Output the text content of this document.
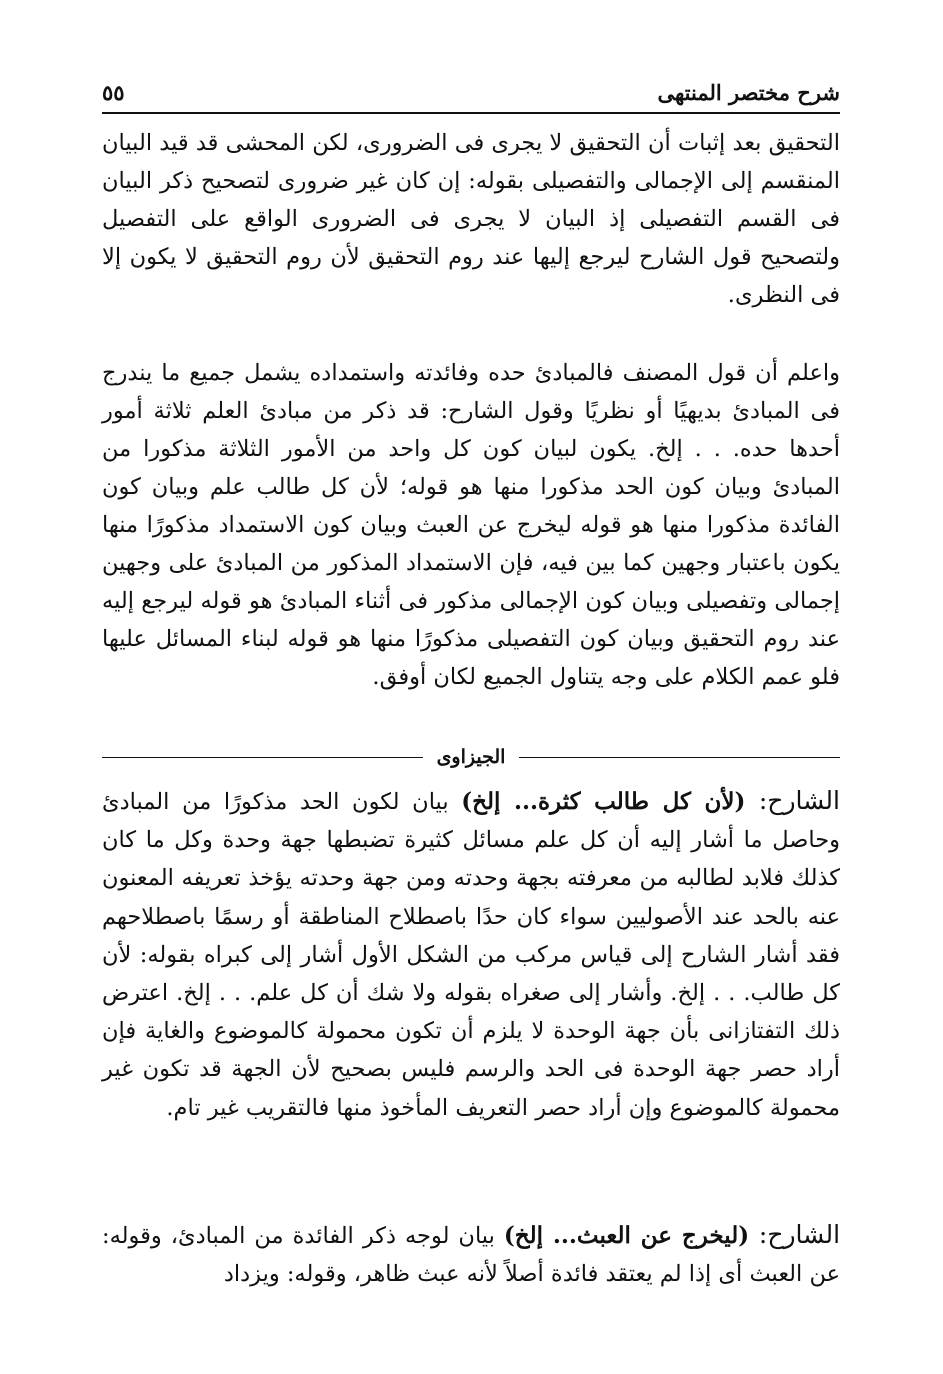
شرح مختصر المنتهى
٥٥

التحقيق بعد إثبات أن التحقيق لا يجرى فى الضرورى، لكن المحشى قد قيد البيان المنقسم إلى الإجمالى والتفصيلى بقوله: إن كان غير ضرورى لتصحيح ذكر البيان فى القسم التفصيلى إذ البيان لا يجرى فى الضرورى الواقع على التفصيل ولتصحيح قول الشارح ليرجع إليها عند روم التحقيق لأن روم التحقيق لا يكون إلا فى النظرى.

واعلم أن قول المصنف فالمبادئ حده وفائدته واستمداده يشمل جميع ما يندرج فى المبادئ بديهيًا أو نظريًا وقول الشارح: قد ذكر من مبادئ العلم ثلاثة أمور أحدها حده. . . إلخ. يكون لبيان كون كل واحد من الأمور الثلاثة مذكورا من المبادئ وبيان كون الحد مذكورا منها هو قوله؛ لأن كل طالب علم وبيان كون الفائدة مذكورا منها هو قوله ليخرج عن العبث وبيان كون الاستمداد مذكورًا منها يكون باعتبار وجهين كما بين فيه، فإن الاستمداد المذكور من المبادئ على وجهين إجمالى وتفصيلى وبيان كون الإجمالى مذكور فى أثناء المبادئ هو قوله ليرجع إليه عند روم التحقيق وبيان كون التفصيلى مذكورًا منها هو قوله لبناء المسائل عليها فلو عمم الكلام على وجه يتناول الجميع لكان أوفق.

الجيزاوى

الشارح: (لأن كل طالب كثرة... إلخ) بيان لكون الحد مذكورًا من المبادئ وحاصل ما أشار إليه أن كل علم مسائل كثيرة تضبطها جهة وحدة وكل ما كان كذلك فلابد لطالبه من معرفته بجهة وحدته ومن جهة وحدته يؤخذ تعريفه المعنون عنه بالحد عند الأصوليين سواء كان حدًا باصطلاح المناطقة أو رسمًا باصطلاحهم فقد أشار الشارح إلى قياس مركب من الشكل الأول أشار إلى كبراه بقوله: لأن كل طالب. . . إلخ. وأشار إلى صغراه بقوله ولا شك أن كل علم. . . إلخ. اعترض ذلك التفتازانى بأن جهة الوحدة لا يلزم أن تكون محمولة كالموضوع والغاية فإن أراد حصر جهة الوحدة فى الحد والرسم فليس بصحيح لأن الجهة قد تكون غير محمولة كالموضوع وإن أراد حصر التعريف المأخوذ منها فالتقريب غير تام.

الشارح: (ليخرج عن العبث... إلخ) بيان لوجه ذكر الفائدة من المبادئ، وقوله: عن العبث أى إذا لم يعتقد فائدة أصلاً لأنه عبث ظاهر، وقوله: ويزداد
